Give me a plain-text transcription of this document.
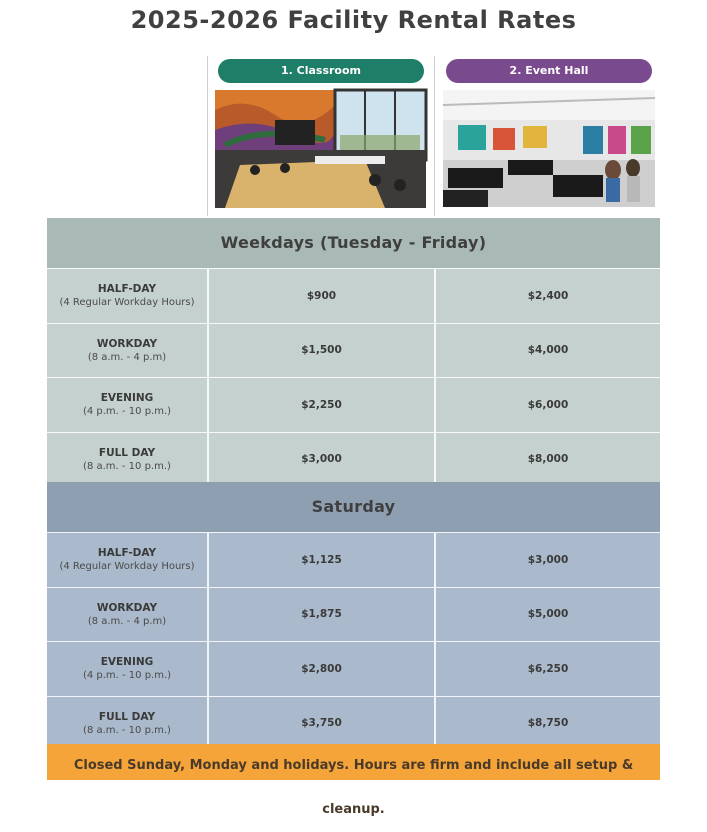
2025-2026 Facility Rental Rates
1. Classroom	2. Event Hall
Weekdays (Tuesday - Friday)
HALF-DAY
(4 Regular Workday Hours)
$900	$2,400
WORKDAY
(8 a.m. - 4 p.m)
$1,500	$4,000
EVENING
(4 p.m. - 10 p.m.)
$2,250	$6,000
FULL DAY
(8 a.m. - 10 p.m.)
$3,000	$8,000
Saturday
HALF-DAY
(4 Regular Workday Hours)
$1,125	$3,000
WORKDAY
(8 a.m. - 4 p.m)
$1,875	$5,000
EVENING
(4 p.m. - 10 p.m.)
$2,800	$6,250
FULL DAY
(8 a.m. - 10 p.m.)
$3,750	$8,750
Closed Sunday, Monday and holidays. Hours are firm and include all setup & cleanup.
